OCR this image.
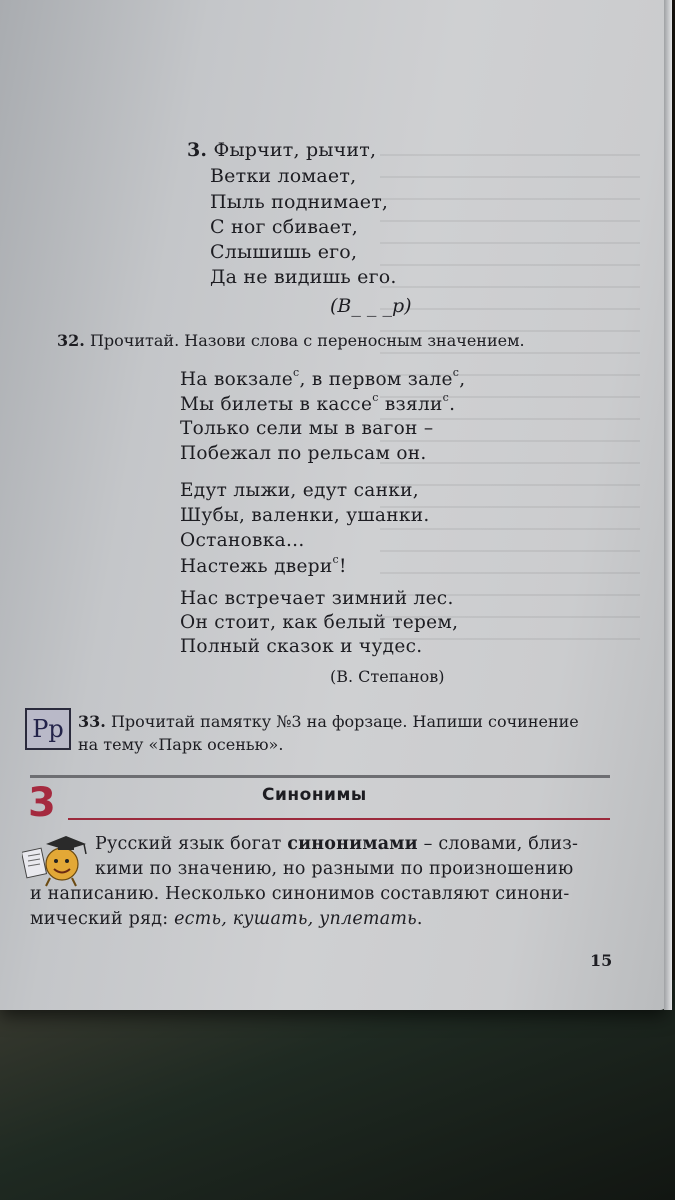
3. Фырчит, рычит,
Ветки ломает,
Пыль поднимает,
С ног сбивает,
Слышишь его,
Да не видишь его.
(В_ _ _р)
32. Прочитай. Назови слова с переносным значением.
На вокзале$^с$, в первом зале$^с$,
Мы билеты в кассе$^с$ взяли$^с$.
Только сели мы в вагон –
Побежал по рельсам он.
Едут лыжи, едут санки,
Шубы, валенки, ушанки.
Остановка...
Настежь двери$^с$!
Нас встречает зимний лес.
Он стоит, как белый терем,
Полный сказок и чудес.
(В. Степанов)
Рр 33. Прочитай памятку №3 на форзаце. Напиши сочинение
на тему «Парк осенью».
3	Синонимы
Русский язык богат синонимами – словами, близ-
кими по значению, но разными по произношению
и написанию. Несколько синонимов составляют синони-
мический ряд: есть, кушать, уплетать.
15
